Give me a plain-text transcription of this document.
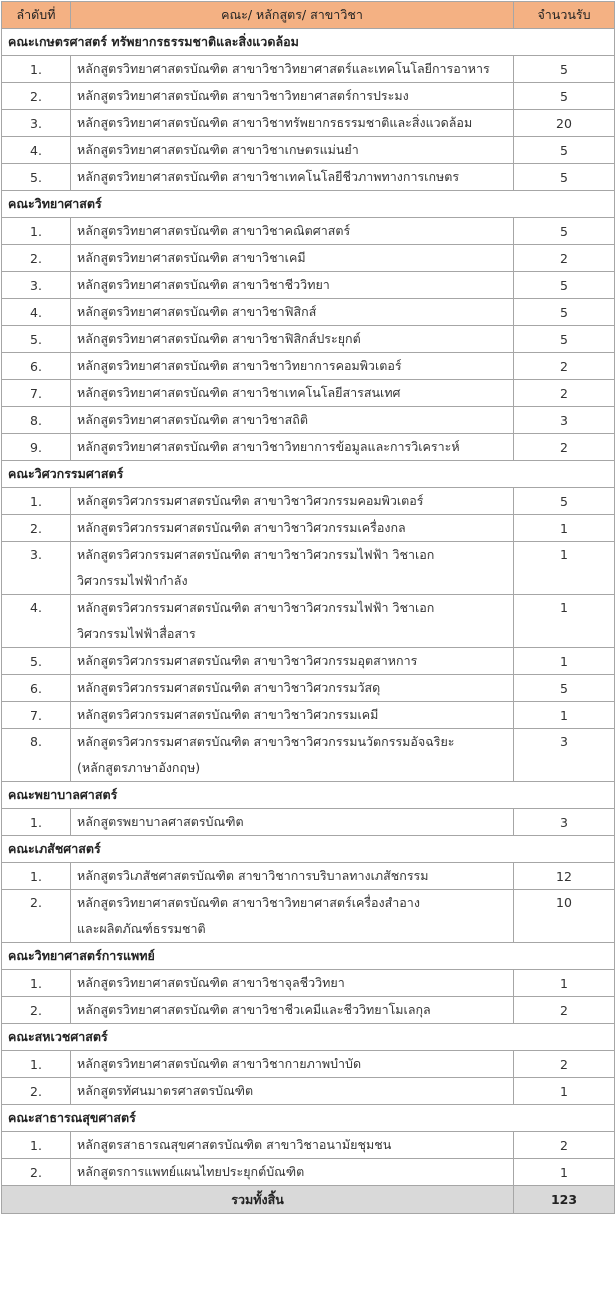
ลำดับที่	คณะ/ หลักสูตร/ สาขาวิชา	จำนวนรับ
คณะเกษตรศาสตร์ ทรัพยากรธรรมชาติและสิ่งแวดล้อม		
1.	หลักสูตรวิทยาศาสตรบัณฑิต สาขาวิชาวิทยาศาสตร์และเทคโนโลยีการอาหาร	5
2.	หลักสูตรวิทยาศาสตรบัณฑิต สาขาวิชาวิทยาศาสตร์การประมง	5
3.	หลักสูตรวิทยาศาสตรบัณฑิต สาขาวิชาทรัพยากรธรรมชาติและสิ่งแวดล้อม	20
4.	หลักสูตรวิทยาศาสตรบัณฑิต สาขาวิชาเกษตรแม่นยำ	5
5.	หลักสูตรวิทยาศาสตรบัณฑิต สาขาวิชาเทคโนโลยีชีวภาพทางการเกษตร	5
คณะวิทยาศาสตร์		
1.	หลักสูตรวิทยาศาสตรบัณฑิต สาขาวิชาคณิตศาสตร์	5
2.	หลักสูตรวิทยาศาสตรบัณฑิต สาขาวิชาเคมี	2
3.	หลักสูตรวิทยาศาสตรบัณฑิต สาขาวิชาชีววิทยา	5
4.	หลักสูตรวิทยาศาสตรบัณฑิต สาขาวิชาฟิสิกส์	5
5.	หลักสูตรวิทยาศาสตรบัณฑิต สาขาวิชาฟิสิกส์ประยุกต์	5
6.	หลักสูตรวิทยาศาสตรบัณฑิต สาขาวิชาวิทยาการคอมพิวเตอร์	2
7.	หลักสูตรวิทยาศาสตรบัณฑิต สาขาวิชาเทคโนโลยีสารสนเทศ	2
8.	หลักสูตรวิทยาศาสตรบัณฑิต สาขาวิชาสถิติ	3
9.	หลักสูตรวิทยาศาสตรบัณฑิต สาขาวิชาวิทยาการข้อมูลและการวิเคราะห์	2
คณะวิศวกรรมศาสตร์		
1.	หลักสูตรวิศวกรรมศาสตรบัณฑิต สาขาวิชาวิศวกรรมคอมพิวเตอร์	5
2.	หลักสูตรวิศวกรรมศาสตรบัณฑิต สาขาวิชาวิศวกรรมเครื่องกล	1
3.	หลักสูตรวิศวกรรมศาสตรบัณฑิต สาขาวิชาวิศวกรรมไฟฟ้า วิชาเอก
วิศวกรรมไฟฟ้ากำลัง	1
4.	หลักสูตรวิศวกรรมศาสตรบัณฑิต สาขาวิชาวิศวกรรมไฟฟ้า วิชาเอก
วิศวกรรมไฟฟ้าสื่อสาร	1
5.	หลักสูตรวิศวกรรมศาสตรบัณฑิต สาขาวิชาวิศวกรรมอุตสาหการ	1
6.	หลักสูตรวิศวกรรมศาสตรบัณฑิต สาขาวิชาวิศวกรรมวัสดุ	5
7.	หลักสูตรวิศวกรรมศาสตรบัณฑิต สาขาวิชาวิศวกรรมเคมี	1
8.	หลักสูตรวิศวกรรมศาสตรบัณฑิต สาขาวิชาวิศวกรรมนวัตกรรมอัจฉริยะ
(หลักสูตรภาษาอังกฤษ)	3
คณะพยาบาลศาสตร์		
1.	หลักสูตรพยาบาลศาสตรบัณฑิต	3
คณะเภสัชศาสตร์		
1.	หลักสูตรวิเภสัชศาสตรบัณฑิต สาขาวิชาการบริบาลทางเภสัชกรรม	12
2.	หลักสูตรวิทยาศาสตรบัณฑิต สาขาวิชาวิทยาศาสตร์เครื่องสำอาง
และผลิตภัณฑ์ธรรมชาติ	10
คณะวิทยาศาสตร์การแพทย์		
1.	หลักสูตรวิทยาศาสตรบัณฑิต สาขาวิชาจุลชีววิทยา	1
2.	หลักสูตรวิทยาศาสตรบัณฑิต สาขาวิชาชีวเคมีและชีววิทยาโมเลกุล	2
คณะสหเวชศาสตร์		
1.	หลักสูตรวิทยาศาสตรบัณฑิต สาขาวิชากายภาพบำบัด	2
2.	หลักสูตรทัศนมาตรศาสตรบัณฑิต	1
คณะสาธารณสุขศาสตร์		
1.	หลักสูตรสาธารณสุขศาสตรบัณฑิต สาขาวิชาอนามัยชุมชน	2
2.	หลักสูตรการแพทย์แผนไทยประยุกต์บัณฑิต	1
รวมทั้งสิ้น		123
